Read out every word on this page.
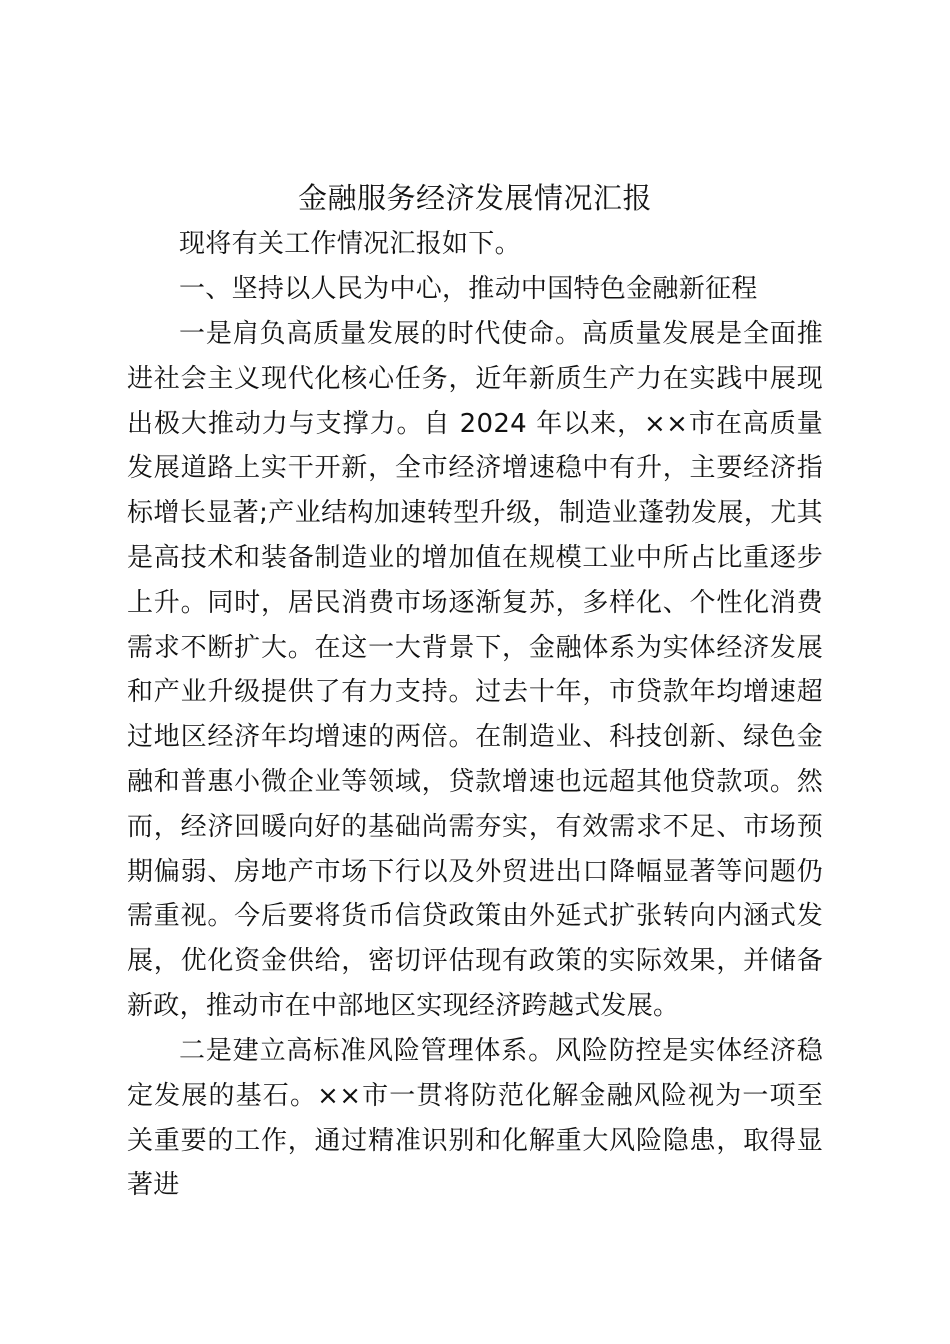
金融服务经济发展情况汇报

现将有关工作情况汇报如下。

一、坚持以人民为中心，推动中国特色金融新征程

一是肩负高质量发展的时代使命。高质量发展是全面推进社会主义现代化核心任务，近年新质生产力在实践中展现出极大推动力与支撑力。自 2024 年以来，××市在高质量发展道路上实干开新，全市经济增速稳中有升，主要经济指标增长显著;产业结构加速转型升级，制造业蓬勃发展，尤其是高技术和装备制造业的增加值在规模工业中所占比重逐步上升。同时，居民消费市场逐渐复苏，多样化、个性化消费需求不断扩大。在这一大背景下，金融体系为实体经济发展和产业升级提供了有力支持。过去十年，市贷款年均增速超过地区经济年均增速的两倍。在制造业、科技创新、绿色金融和普惠小微企业等领域，贷款增速也远超其他贷款项。然而，经济回暖向好的基础尚需夯实，有效需求不足、市场预期偏弱、房地产市场下行以及外贸进出口降幅显著等问题仍需重视。今后要将货币信贷政策由外延式扩张转向内涵式发展，优化资金供给，密切评估现有政策的实际效果，并储备新政，推动市在中部地区实现经济跨越式发展。

二是建立高标准风险管理体系。风险防控是实体经济稳定发展的基石。××市一贯将防范化解金融风险视为一项至关重要的工作，通过精准识别和化解重大风险隐患，取得显著进
